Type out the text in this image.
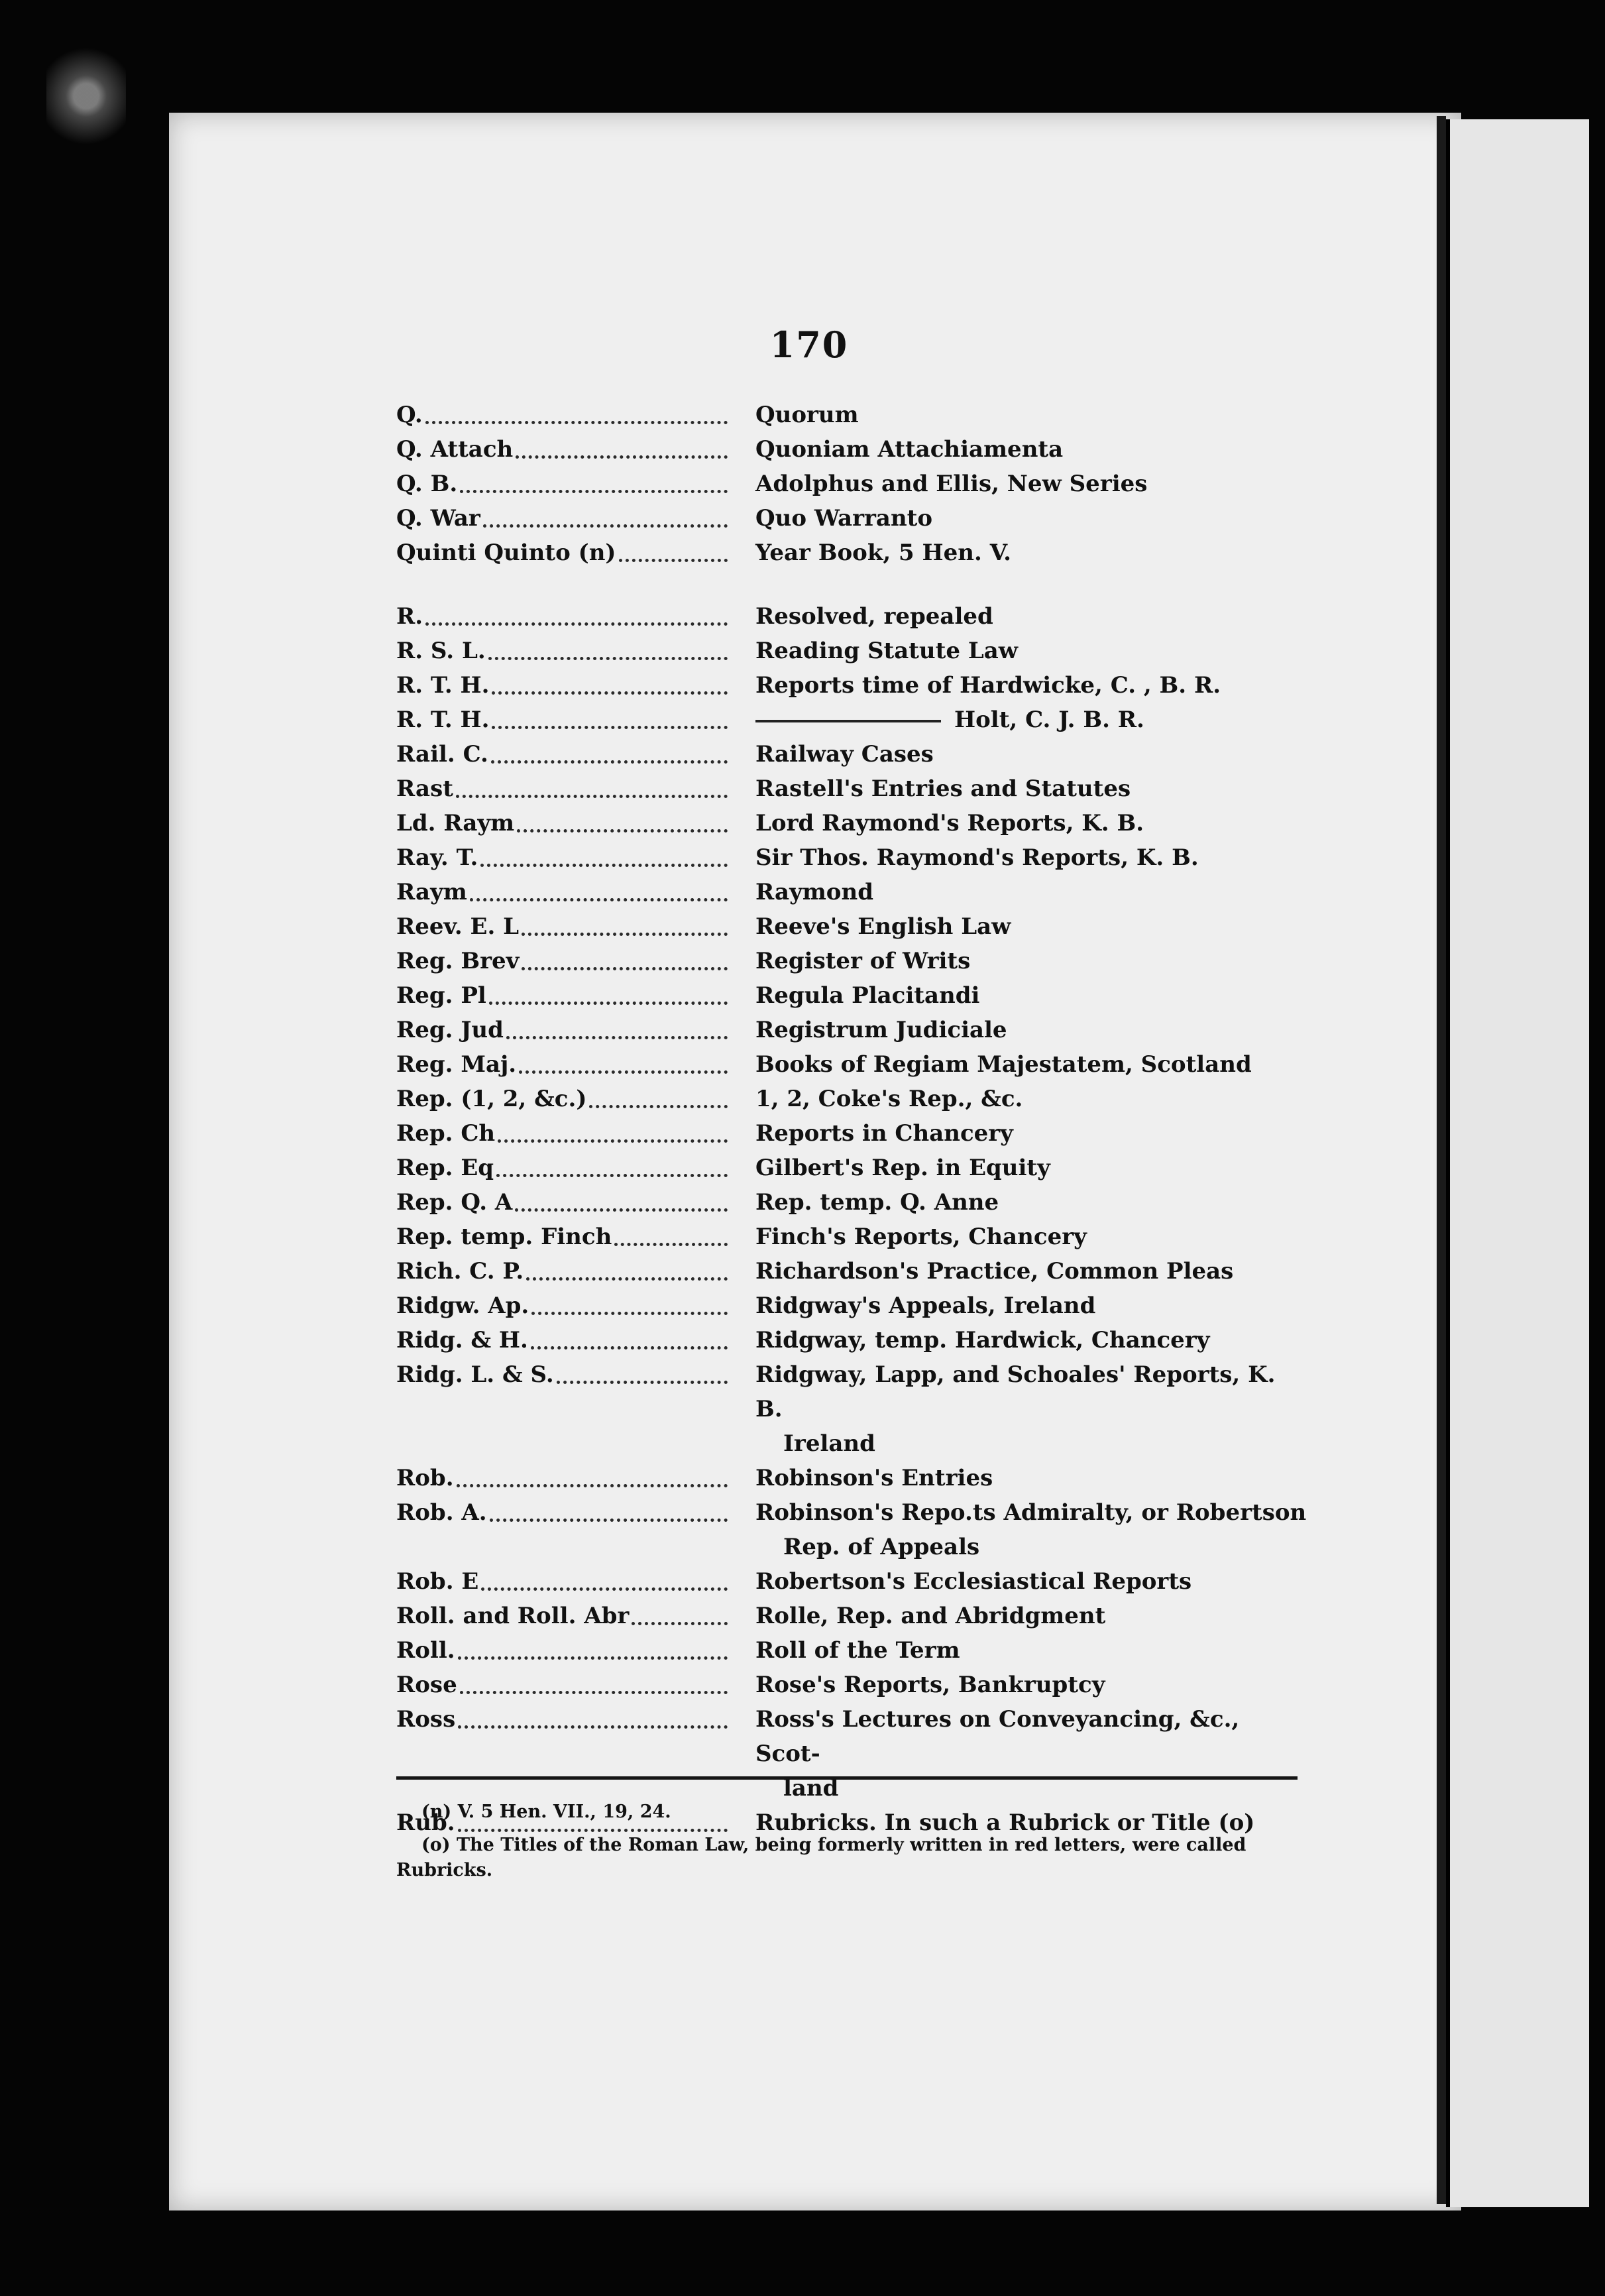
170
Q.	Quorum
Q. Attach	Quoniam Attachiamenta
Q. B.	Adolphus and Ellis, New Series
Q. War	Quo Warranto
Quinti Quinto (n)	Year Book, 5 Hen. V.
R.	Resolved, repealed
R. S. L.	Reading Statute Law
R. T. H.	Reports time of Hardwicke, C. , B. R.
R. T. H.	Holt, C. J. B. R.
Rail. C.	Railway Cases
Rast	Rastell's Entries and Statutes
Ld. Raym	Lord Raymond's Reports, K. B.
Ray. T.	Sir Thos. Raymond's Reports, K. B.
Raym	Raymond
Reev. E. L	Reeve's English Law
Reg. Brev	Register of Writs
Reg. Pl	Regula Placitandi
Reg. Jud	Registrum Judiciale
Reg. Maj.	Books of Regiam Majestatem, Scotland
Rep. (1, 2, &c.)	1, 2, Coke's Rep., &c.
Rep. Ch	Reports in Chancery
Rep. Eq	Gilbert's Rep. in Equity
Rep. Q. A	Rep. temp. Q. Anne
Rep. temp. Finch	Finch's Reports, Chancery
Rich. C. P.	Richardson's Practice, Common Pleas
Ridgw. Ap.	Ridgway's Appeals, Ireland
Ridg. & H.	Ridgway, temp. Hardwick, Chancery
Ridg. L. & S.	Ridgway, Lapp, and Schoales' Reports, K. B.
Ireland
Rob.	Robinson's Entries
Rob. A.	Robinson's Repo.ts Admiralty, or Robertson
Rep. of Appeals
Rob. E	Robertson's Ecclesiastical Reports
Roll. and Roll. Abr	Rolle, Rep. and Abridgment
Roll.	Roll of the Term
Rose	Rose's Reports, Bankruptcy
Ross	Ross's Lectures on Conveyancing, &c., Scot-
land
Rub.	Rubricks. In such a Rubrick or Title (o)

(n) V. 5 Hen. VII., 19, 24.

(o) The Titles of the Roman Law, being formerly written in red letters, were called Rubricks.
